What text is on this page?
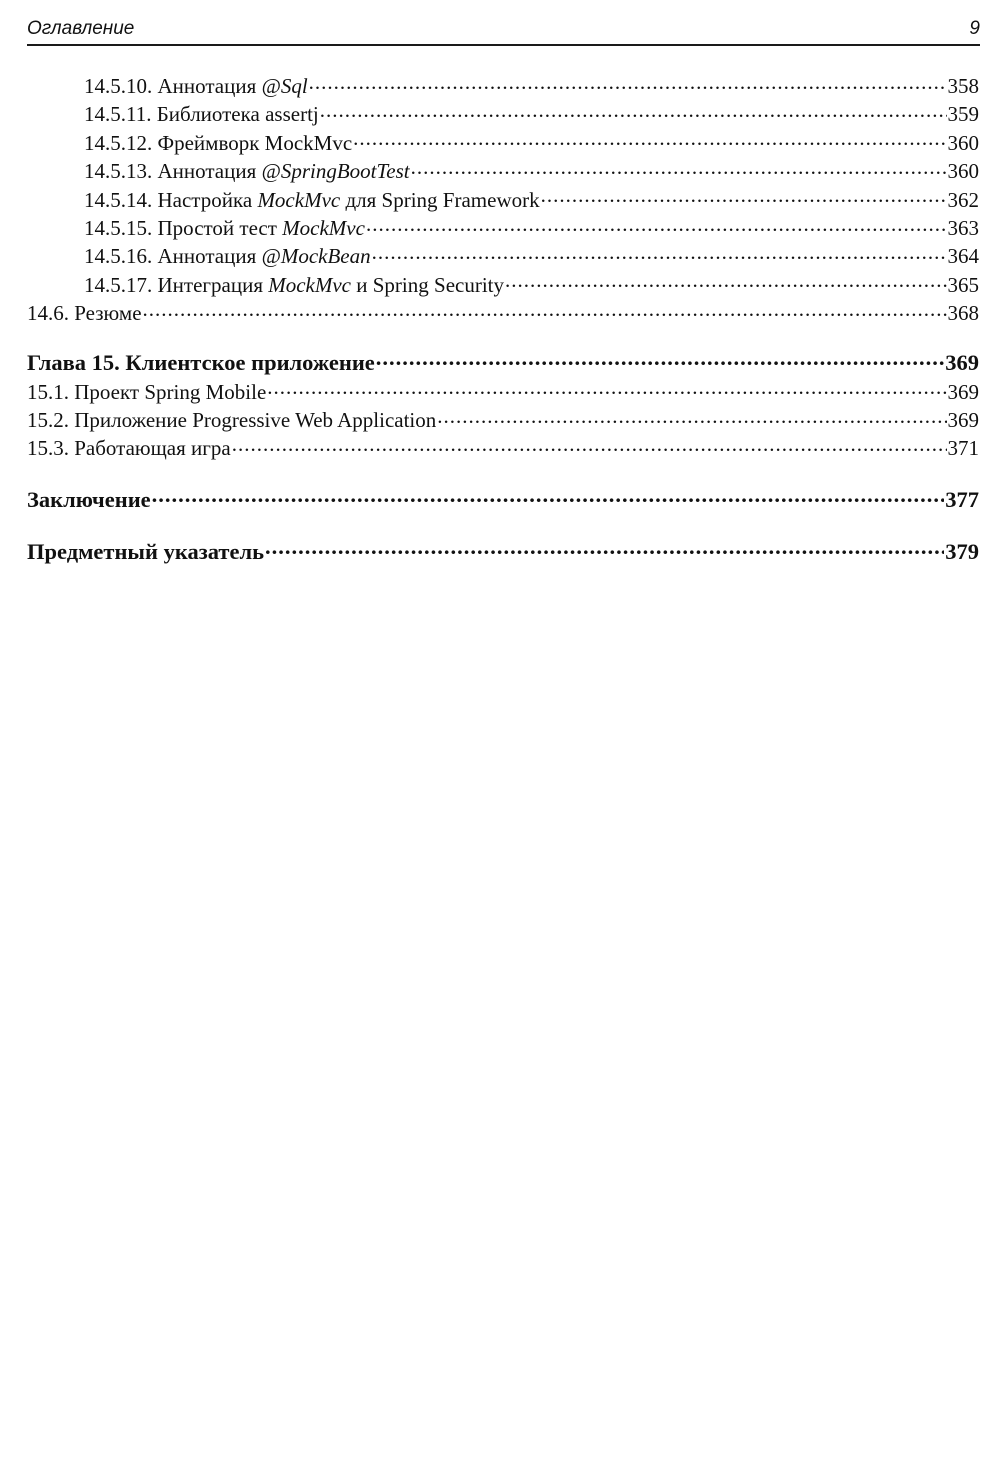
Оглавление	9
14.5.10. Аннотация @Sql .....	358
14.5.11. Библиотека assertj .....	359
14.5.12. Фреймворк MockMvc .....	360
14.5.13. Аннотация @SpringBootTest .....	360
14.5.14. Настройка MockMvc для Spring Framework .....	362
14.5.15. Простой тест MockMvc .....	363
14.5.16. Аннотация @MockBean .....	364
14.5.17. Интеграция MockMvc и Spring Security .....	365
14.6. Резюме .....	368
Глава 15. Клиентское приложение .....	369
15.1. Проект Spring Mobile .....	369
15.2. Приложение Progressive Web Application .....	369
15.3. Работающая игра .....	371
Заключение .....	377
Предметный указатель .....	379
